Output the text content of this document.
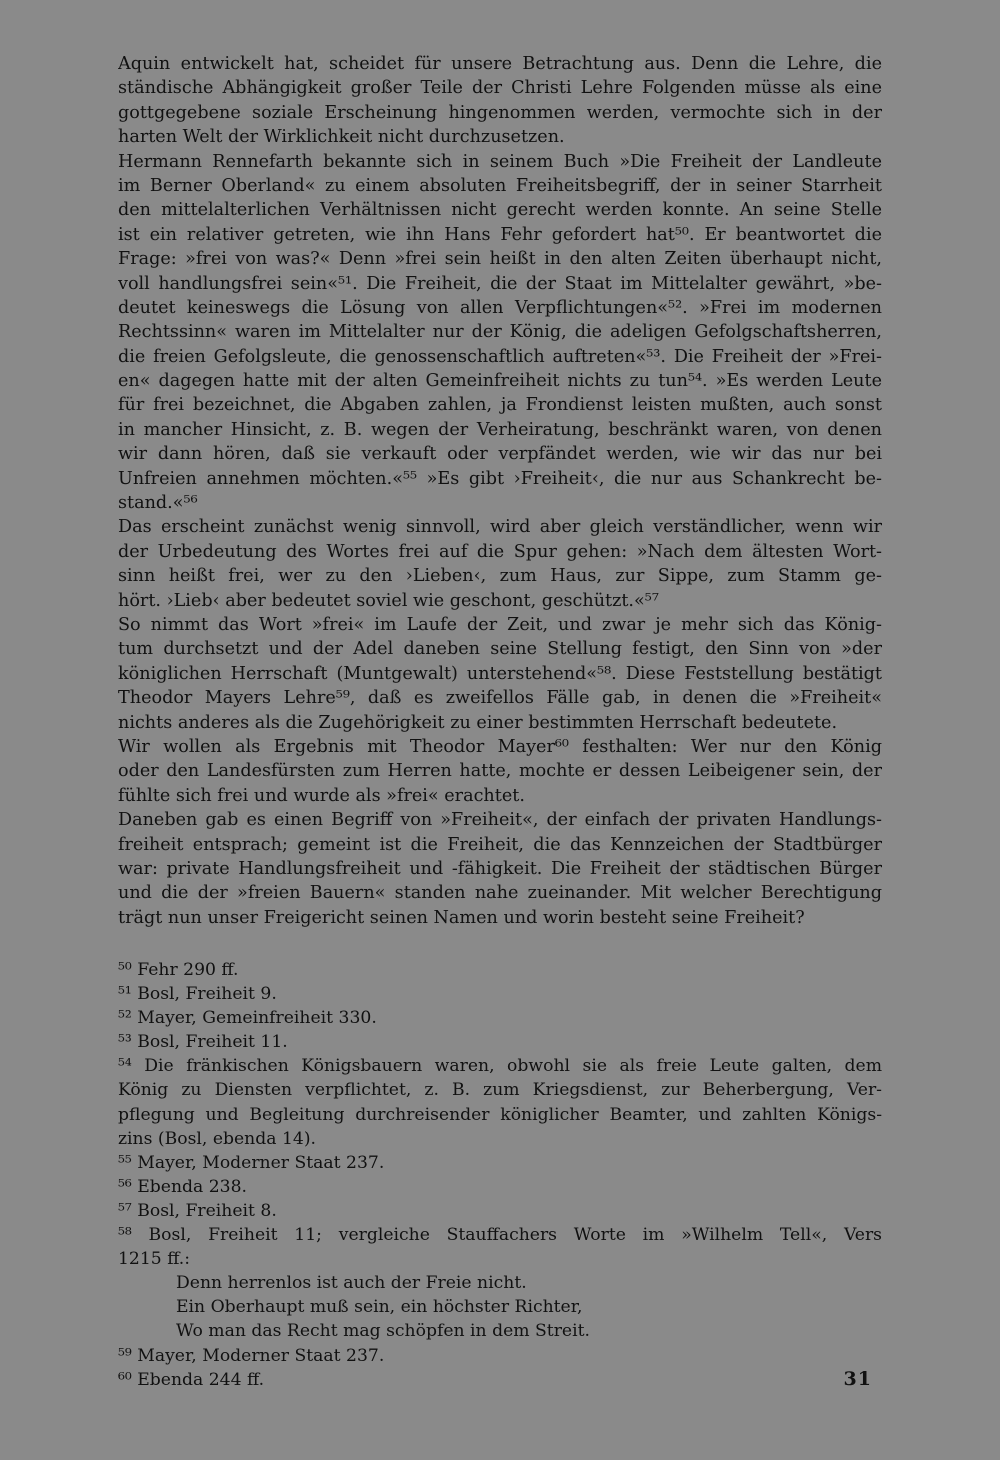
Aquin entwickelt hat, scheidet für unsere Betrachtung aus. Denn die Lehre, die
ständische Abhängigkeit großer Teile der Christi Lehre Folgenden müsse als eine
gottgegebene soziale Erscheinung hingenommen werden, vermochte sich in der
harten Welt der Wirklichkeit nicht durchzusetzen.
Hermann Rennefarth bekannte sich in seinem Buch »Die Freiheit der Landleute
im Berner Oberland« zu einem absoluten Freiheitsbegriff, der in seiner Starrheit
den mittelalterlichen Verhältnissen nicht gerecht werden konnte. An seine Stelle
ist ein relativer getreten, wie ihn Hans Fehr gefordert hat⁵⁰. Er beantwortet die
Frage: »frei von was?« Denn »frei sein heißt in den alten Zeiten überhaupt nicht,
voll handlungsfrei sein«⁵¹. Die Freiheit, die der Staat im Mittelalter gewährt, »be-
deutet keineswegs die Lösung von allen Verpflichtungen«⁵². »Frei im modernen
Rechtssinn« waren im Mittelalter nur der König, die adeligen Gefolgschaftsherren,
die freien Gefolgsleute, die genossenschaftlich auftreten«⁵³. Die Freiheit der »Frei-
en« dagegen hatte mit der alten Gemeinfreiheit nichts zu tun⁵⁴. »Es werden Leute
für frei bezeichnet, die Abgaben zahlen, ja Frondienst leisten mußten, auch sonst
in mancher Hinsicht, z. B. wegen der Verheiratung, beschränkt waren, von denen
wir dann hören, daß sie verkauft oder verpfändet werden, wie wir das nur bei
Unfreien annehmen möchten.«⁵⁵ »Es gibt ›Freiheit‹, die nur aus Schankrecht be-
stand.«⁵⁶
Das erscheint zunächst wenig sinnvoll, wird aber gleich verständlicher, wenn wir
der Urbedeutung des Wortes frei auf die Spur gehen: »Nach dem ältesten Wort-
sinn heißt frei, wer zu den ›Lieben‹, zum Haus, zur Sippe, zum Stamm ge-
hört. ›Lieb‹ aber bedeutet soviel wie geschont, geschützt.«⁵⁷
So nimmt das Wort »frei« im Laufe der Zeit, und zwar je mehr sich das König-
tum durchsetzt und der Adel daneben seine Stellung festigt, den Sinn von »der
königlichen Herrschaft (Muntgewalt) unterstehend«⁵⁸. Diese Feststellung bestätigt
Theodor Mayers Lehre⁵⁹, daß es zweifellos Fälle gab, in denen die »Freiheit«
nichts anderes als die Zugehörigkeit zu einer bestimmten Herrschaft bedeutete.
Wir wollen als Ergebnis mit Theodor Mayer⁶⁰ festhalten: Wer nur den König
oder den Landesfürsten zum Herren hatte, mochte er dessen Leibeigener sein, der
fühlte sich frei und wurde als »frei« erachtet.
Daneben gab es einen Begriff von »Freiheit«, der einfach der privaten Handlungs-
freiheit entsprach; gemeint ist die Freiheit, die das Kennzeichen der Stadtbürger
war: private Handlungsfreiheit und -fähigkeit. Die Freiheit der städtischen Bürger
und die der »freien Bauern« standen nahe zueinander. Mit welcher Berechtigung
trägt nun unser Freigericht seinen Namen und worin besteht seine Freiheit?
⁵⁰ Fehr 290 ff.
⁵¹ Bosl, Freiheit 9.
⁵² Mayer, Gemeinfreiheit 330.
⁵³ Bosl, Freiheit 11.
⁵⁴ Die fränkischen Königsbauern waren, obwohl sie als freie Leute galten, dem
König zu Diensten verpflichtet, z. B. zum Kriegsdienst, zur Beherbergung, Ver-
pflegung und Begleitung durchreisender königlicher Beamter, und zahlten Königs-
zins (Bosl, ebenda 14).
⁵⁵ Mayer, Moderner Staat 237.
⁵⁶ Ebenda 238.
⁵⁷ Bosl, Freiheit 8.
⁵⁸ Bosl, Freiheit 11; vergleiche Stauffachers Worte im »Wilhelm Tell«, Vers
1215 ff.:
Denn herrenlos ist auch der Freie nicht.
Ein Oberhaupt muß sein, ein höchster Richter,
Wo man das Recht mag schöpfen in dem Streit.
⁵⁹ Mayer, Moderner Staat 237.
⁶⁰ Ebenda 244 ff.	31
